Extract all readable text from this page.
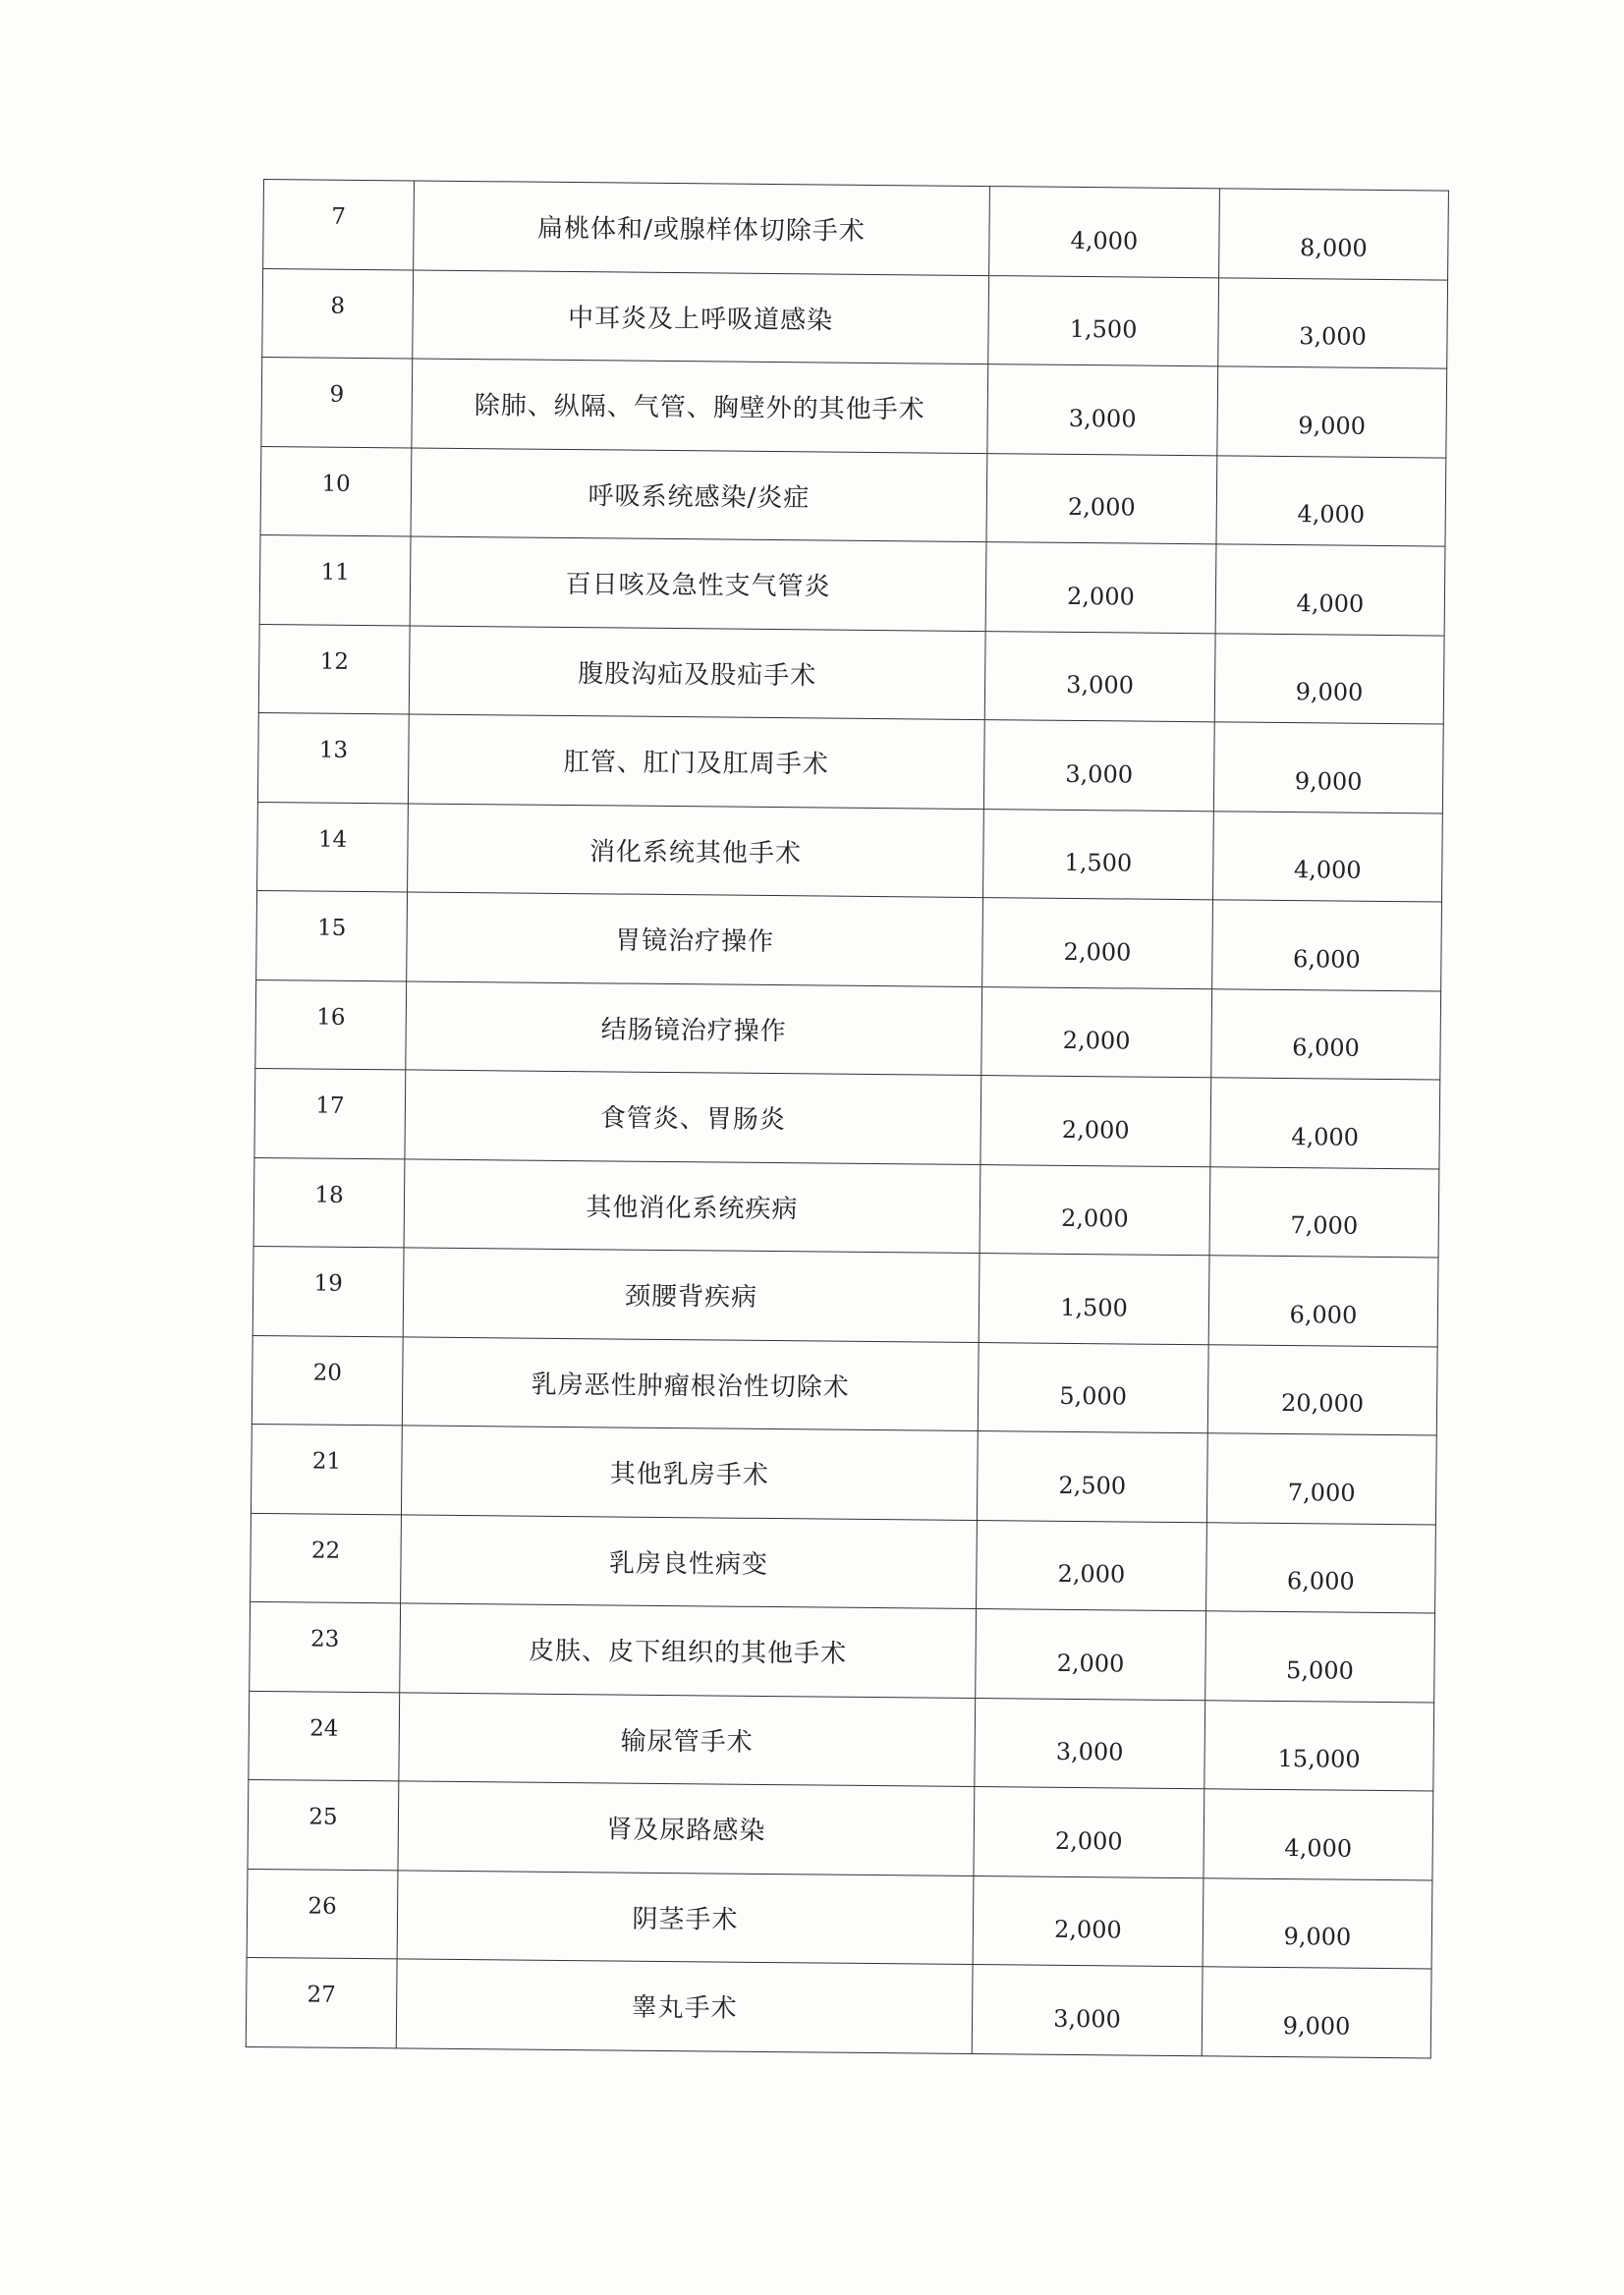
7	扁桃体和/或腺样体切除手术	4,000	8,000
8	中耳炎及上呼吸道感染	1,500	3,000
9	除肺、纵隔、气管、胸壁外的其他手术	3,000	9,000
10	呼吸系统感染/炎症	2,000	4,000
11	百日咳及急性支气管炎	2,000	4,000
12	腹股沟疝及股疝手术	3,000	9,000
13	肛管、肛门及肛周手术	3,000	9,000
14	消化系统其他手术	1,500	4,000
15	胃镜治疗操作	2,000	6,000
16	结肠镜治疗操作	2,000	6,000
17	食管炎、胃肠炎	2,000	4,000
18	其他消化系统疾病	2,000	7,000
19	颈腰背疾病	1,500	6,000
20	乳房恶性肿瘤根治性切除术	5,000	20,000
21	其他乳房手术	2,500	7,000
22	乳房良性病变	2,000	6,000
23	皮肤、皮下组织的其他手术	2,000	5,000
24	输尿管手术	3,000	15,000
25	肾及尿路感染	2,000	4,000
26	阴茎手术	2,000	9,000
27	睾丸手术	3,000	9,000
